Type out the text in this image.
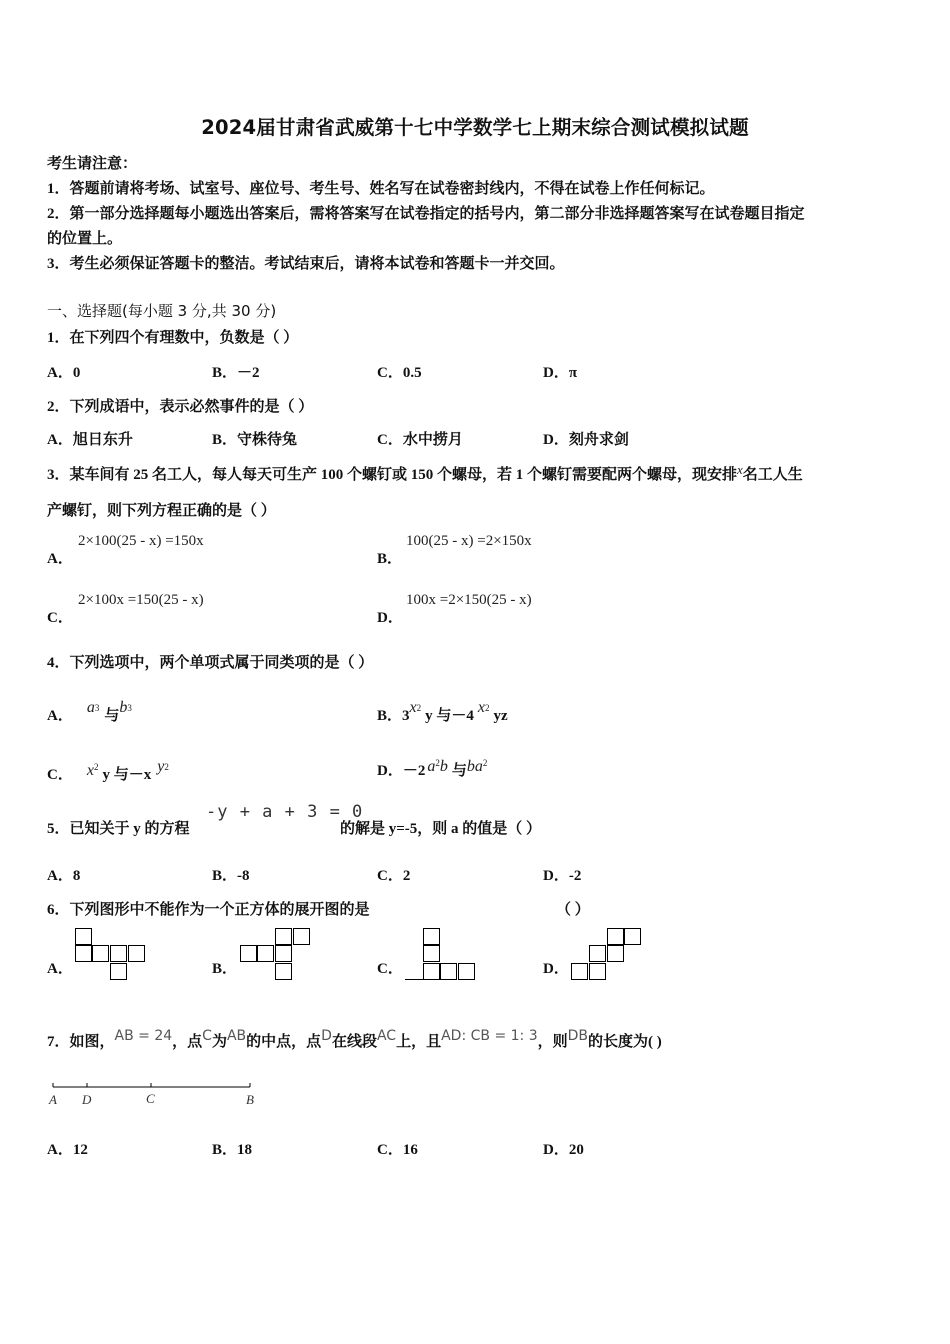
2024届甘肃省武威第十七中学数学七上期末综合测试模拟试题
考生请注意：
1．答题前请将考场、试室号、座位号、考生号、姓名写在试卷密封线内，不得在试卷上作任何标记。
2．第一部分选择题每小题选出答案后，需将答案写在试卷指定的括号内，第二部分非选择题答案写在试卷题目指定
的位置上。
3．考生必须保证答题卡的整洁。考试结束后，请将本试卷和答题卡一并交回。
一、选择题(每小题 3 分,共 30 分)
1．在下列四个有理数中，负数是（ ）
A．0	B．－2	C．0.5	D．π
2．下列成语中，表示必然事件的是（ ）
A．旭日东升	B．守株待兔	C．水中捞月	D．刻舟求剑
3．某车间有 25 名工人，每人每天可生产 100 个螺钉或 150 个螺母，若 1 个螺钉需要配两个螺母，现安排x名工人生
产螺钉，则下列方程正确的是（ ）
A．
2×100(25 - x) =150x
B．
100(25 - x) =2×150x
C．
2×100x =150(25 - x)
D．
100x =2×150(25 - x)
4．下列选项中，两个单项式属于同类项的是（ ）
A． $a^3$ 与$b^3$	B．$3x^2$ y 与－4 $x^2$ yz
C． $x^2$ y 与－x $y^2$	D．－2 $a^2b$ 与$ba^2$
5．已知关于 y 的方程
-y + a + 3 = 0
的解是 y=-5，则 a 的值是（ ）
A．8	B．-8	C．2	D．-2
6．下列图形中不能作为一个正方体的展开图的是	（ ）
A．	B．	C．	D．
7．如图，AB = 24，点C为AB的中点，点D在线段AC上，且AD: CB = 1: 3，则DB的长度为( )
A D	C	B
A．12	B．18	C．16	D．20
